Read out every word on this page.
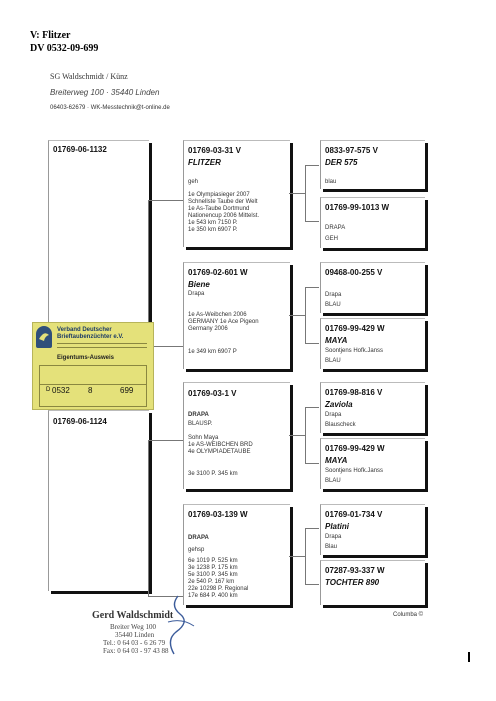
V: Flitzer
DV 0532-09-699
SG Waldschmidt / Künz
Breiterweg 100 · 35440 Linden
06403-62679 · WK-Messtechnik@t-online.de
01769-06-1132
01769-06-1124
01769-03-31 V
FLITZER
geh
1e Olympiasieger 2007
Schnellste Taube der Welt
1e As-Taube Dortmund
Nationencup 2006 Mittelst.
1e 543 km 7150 P.
1e 350 km 6907 P.
01769-02-601 W
Biene
Drapa
1e As-Weibchen 2006
GERMANY 1e Ace Pigeon
Germany 2006
1e 349 km 6907 P
01769-03-1 V
DRAPA
BLAUSP.
Sohn Maya
1e AS-WEIBCHEN BRD
4e OLYMPIADETAUBE
3e 3100 P. 345 km
01769-03-139 W
DRAPA
gehsp
6e 1019 P. 525 km
3e 1238 P. 175 km
5e 3100 P. 345 km
2e 540 P. 167 km
22e 10298 P. Regional
17e 684 P. 400 km
0833-97-575 V
DER 575
blau
01769-99-1013 W
DRAPA
GEH
09468-00-255 V
Drapa
BLAU
01769-99-429 W
MAYA
Soontjens Hofk.Janss
BLAU
01769-98-816 V
Zaviola
Drapa
Blauscheck
01769-99-429 W
MAYA
Soontjens Hofk.Janss
BLAU
01769-01-734 V
Platini
Drapa
Blau
07287-93-337 W
TOCHTER 890
Verband Deutscher
Brieftaubenzüchter e.V.
Eigentums-Ausweis
D 0532 8	699
Gerd Waldschmidt
Breiter Weg 100
35440 Linden
Tel.: 0 64 03 - 6 26 79
Fax: 0 64 03 - 97 43 88
Columba ©
